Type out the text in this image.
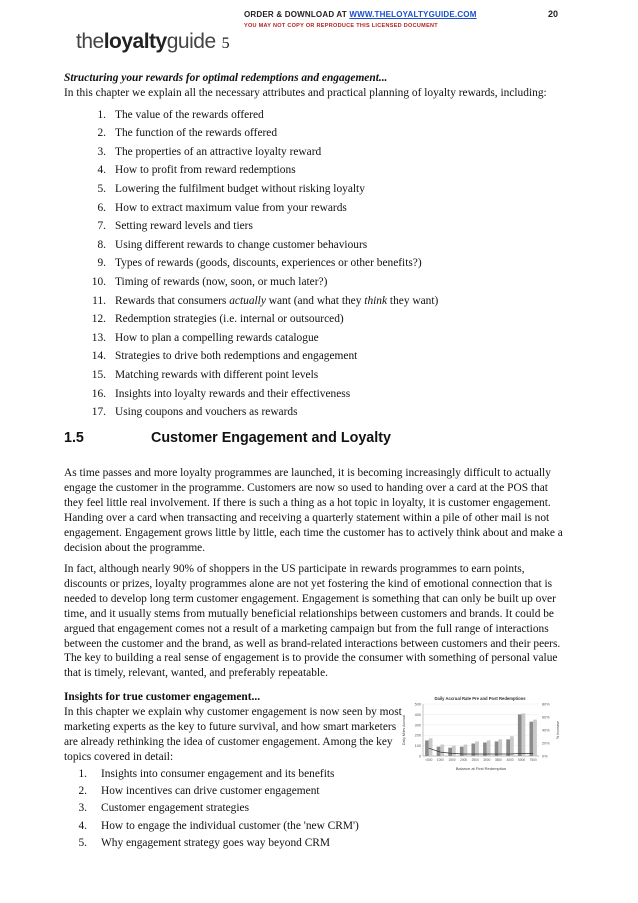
theloyaltyguide 5
ORDER & DOWNLOAD AT WWW.THELOYALTYGUIDE.COM
YOU MAY NOT COPY OR REPRODUCE THIS LICENSED DOCUMENT
20
Structuring your rewards for optimal redemptions and engagement...
In this chapter we explain all the necessary attributes and practical planning of loyalty rewards, including:
1. The value of the rewards offered
2. The function of the rewards offered
3. The properties of an attractive loyalty reward
4. How to profit from reward redemptions
5. Lowering the fulfilment budget without risking loyalty
6. How to extract maximum value from your rewards
7. Setting reward levels and tiers
8. Using different rewards to change customer behaviours
9. Types of rewards (goods, discounts, experiences or other benefits?)
10. Timing of rewards (now, soon, or much later?)
11. Rewards that consumers actually want (and what they think they want)
12. Redemption strategies (i.e. internal or outsourced)
13. How to plan a compelling rewards catalogue
14. Strategies to drive both redemptions and engagement
15. Matching rewards with different point levels
16. Insights into loyalty rewards and their effectiveness
17. Using coupons and vouchers as rewards
1.5	Customer Engagement and Loyalty
As time passes and more loyalty programmes are launched, it is becoming increasingly difficult to actually engage the customer in the programme. Customers are now so used to handing over a card at the POS that they feel little real involvement. If there is such a thing as a hot topic in loyalty, it is customer engagement. Handing over a card when transacting and receiving a quarterly statement within a pile of other mail is not engagement. Engagement grows little by little, each time the customer has to actively think about and make a decision about the programme.
In fact, although nearly 90% of shoppers in the US participate in rewards programmes to earn points, discounts or prizes, loyalty programmes alone are not yet fostering the kind of emotional connection that is needed to develop long term customer engagement. Engagement is something that can only be built up over time, and it usually stems from mutually beneficial relationships between customers and brands. It could be argued that engagement comes not a result of a marketing campaign but from the full range of interactions between the customer and the brand, as well as brand-related interactions between customers and their peers. The key to building a real sense of engagement is to provide the consumer with something of personal value that is timely, relevant, wanted, and preferably repeatable.
Insights for true customer engagement...
In this chapter we explain why customer engagement is now seen by most marketing experts as the key to future survival, and how smart marketers are already rethinking the idea of customer engagement. Among the key topics covered in detail:
1.	Insights into consumer engagement and its benefits
2.	How incentives can drive customer engagement
3.	Customer engagement strategies
4.	How to engage the individual customer (the 'new CRM')
5.	Why engagement strategy goes way beyond CRM
Daily Accrual Rate Pre and Post Redemptions
500
400
300
200
100
0
80%
60%
40%
20%
0%
<500 1000 1500 2000 2500 3000 3500 4000 5000 7500
Balance at First Redemption
Daily Miles Accrual	% Increase
